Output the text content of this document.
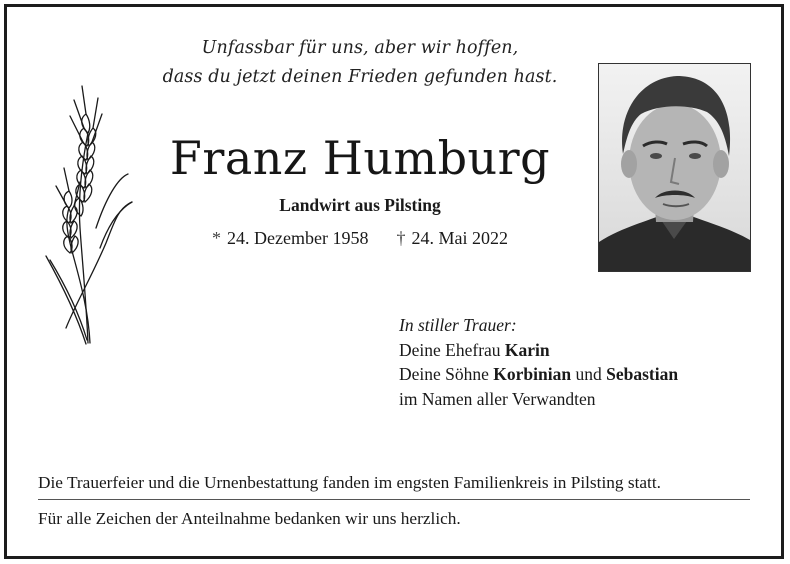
Unfassbar für uns, aber wir hoffen,
dass du jetzt deinen Frieden gefunden hast.
Franz Humburg
Landwirt aus Pilsting
* 24. Dezember 1958 † 24. Mai 2022
In stiller Trauer:
Deine Ehefrau Karin
Deine Söhne Korbinian und Sebastian
im Namen aller Verwandten
Die Trauerfeier und die Urnenbestattung fanden im engsten Familienkreis in Pilsting statt.
Für alle Zeichen der Anteilnahme bedanken wir uns herzlich.
